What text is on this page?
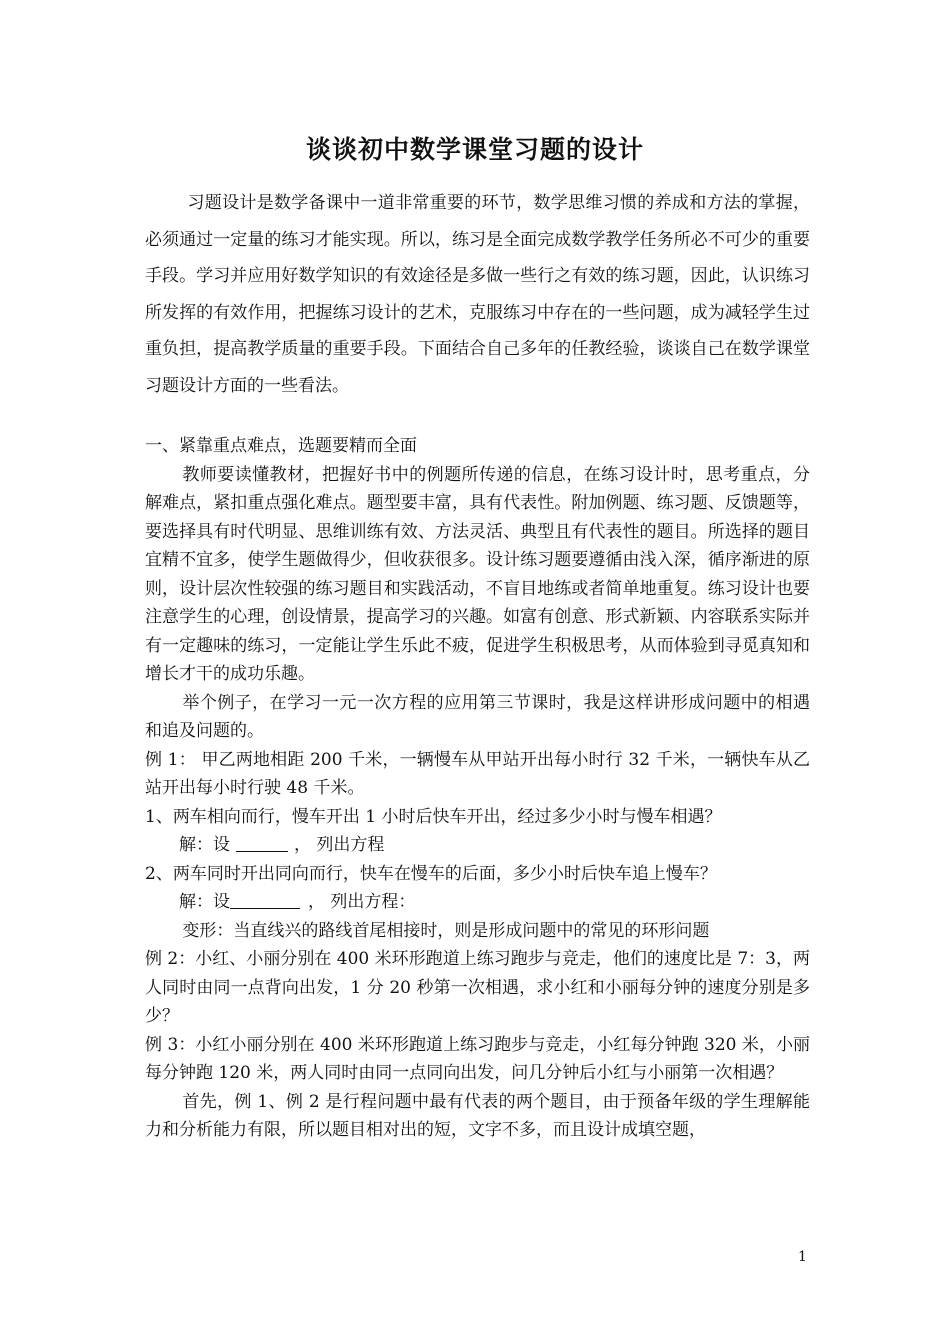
谈谈初中数学课堂习题的设计

习题设计是数学备课中一道非常重要的环节，数学思维习惯的养成和方法的掌握，必须通过一定量的练习才能实现。所以，练习是全面完成数学教学任务所必不可少的重要手段。学习并应用好数学知识的有效途径是多做一些行之有效的练习题，因此，认识练习所发挥的有效作用，把握练习设计的艺术，克服练习中存在的一些问题，成为减轻学生过重负担，提高教学质量的重要手段。下面结合自己多年的任教经验，谈谈自己在数学课堂习题设计方面的一些看法。

一、紧靠重点难点，选题要精而全面

教师要读懂教材，把握好书中的例题所传递的信息，在练习设计时，思考重点，分解难点，紧扣重点强化难点。题型要丰富，具有代表性。附加例题、练习题、反馈题等，要选择具有时代明显、思维训练有效、方法灵活、典型且有代表性的题目。所选择的题目宜精不宜多，使学生题做得少，但收获很多。设计练习题要遵循由浅入深，循序渐进的原则，设计层次性较强的练习题目和实践活动，不盲目地练或者简单地重复。练习设计也要注意学生的心理，创设情景，提高学习的兴趣。如富有创意、形式新颖、内容联系实际并有一定趣味的练习，一定能让学生乐此不疲，促进学生积极思考，从而体验到寻觅真知和增长才干的成功乐趣。

举个例子，在学习一元一次方程的应用第三节课时，我是这样讲形成问题中的相遇和追及问题的。

例 1： 甲乙两地相距 200 千米，一辆慢车从甲站开出每小时行 32 千米，一辆快车从乙站开出每小时行驶 48 千米。

1、两车相向而行，慢车开出 1 小时后快车开出，经过多少小时与慢车相遇？

解：设	， 列出方程

2、两车同时开出同向而行，快车在慢车的后面，多少小时后快车追上慢车？

解：设	， 列出方程：

变形：当直线兴的路线首尾相接时，则是形成问题中的常见的环形问题

例 2：小红、小丽分别在 400 米环形跑道上练习跑步与竞走，他们的速度比是 7：3，两人同时由同一点背向出发，1 分 20 秒第一次相遇，求小红和小丽每分钟的速度分别是多少？

例 3：小红小丽分别在 400 米环形跑道上练习跑步与竞走，小红每分钟跑 320 米，小丽每分钟跑 120 米，两人同时由同一点同向出发，问几分钟后小红与小丽第一次相遇？

首先，例 1、例 2 是行程问题中最有代表的两个题目，由于预备年级的学生理解能力和分析能力有限，所以题目相对出的短，文字不多，而且设计成填空题，

1
